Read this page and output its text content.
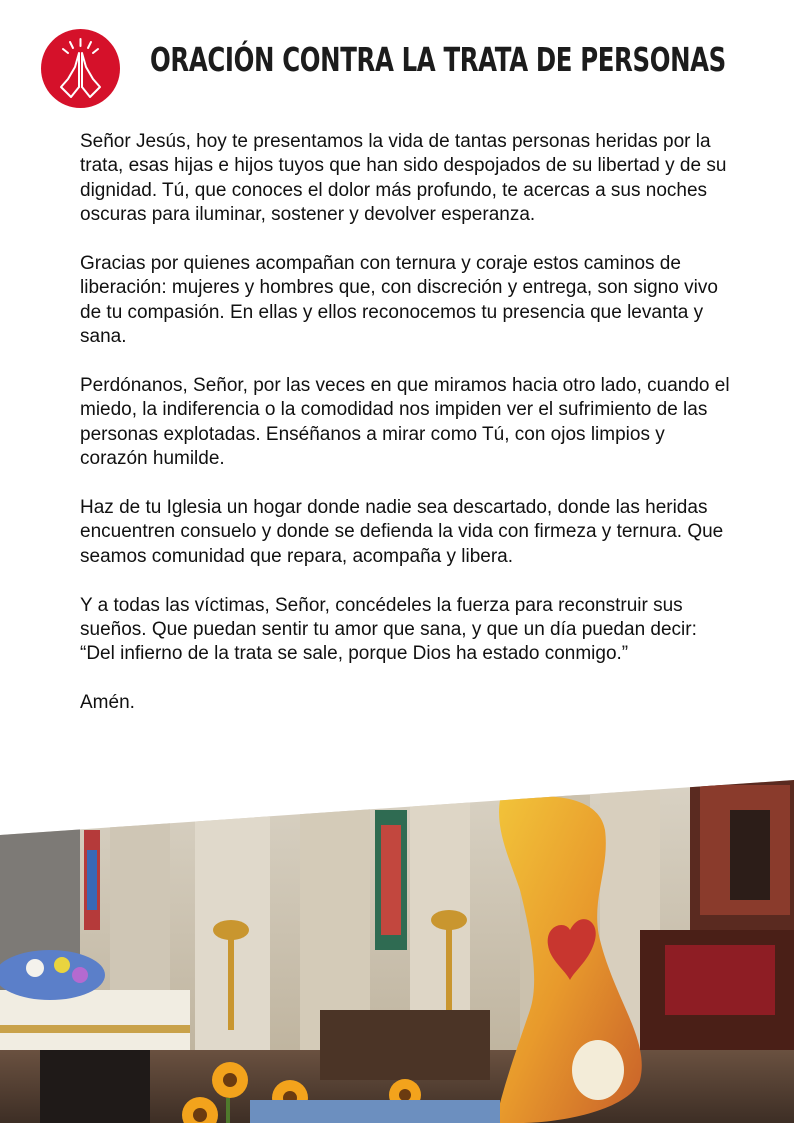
ORACIÓN CONTRA LA TRATA DE PERSONAS

Señor Jesús, hoy te presentamos la vida de tantas personas heridas por la trata, esas hijas e hijos tuyos que han sido despojados de su libertad y de su dignidad. Tú, que conoces el dolor más profundo, te acercas a sus noches oscuras para iluminar, sostener y devolver esperanza.

Gracias por quienes acompañan con ternura y coraje estos caminos de liberación: mujeres y hombres que, con discreción y entrega, son signo vivo de tu compasión. En ellas y ellos reconocemos tu presencia que levanta y sana.

Perdónanos, Señor, por las veces en que miramos hacia otro lado, cuando el miedo, la indiferencia o la comodidad nos impiden ver el sufrimiento de las personas explotadas. Enséñanos a mirar como Tú, con ojos limpios y corazón humilde.

Haz de tu Iglesia un hogar donde nadie sea descartado, donde las heridas encuentren consuelo y donde se defienda la vida con firmeza y ternura. Que seamos comunidad que repara, acompaña y libera.

Y a todas las víctimas, Señor, concédeles la fuerza para reconstruir sus sueños. Que puedan sentir tu amor que sana, y que un día puedan decir: “Del infierno de la trata se sale, porque Dios ha estado conmigo.”

Amén.
